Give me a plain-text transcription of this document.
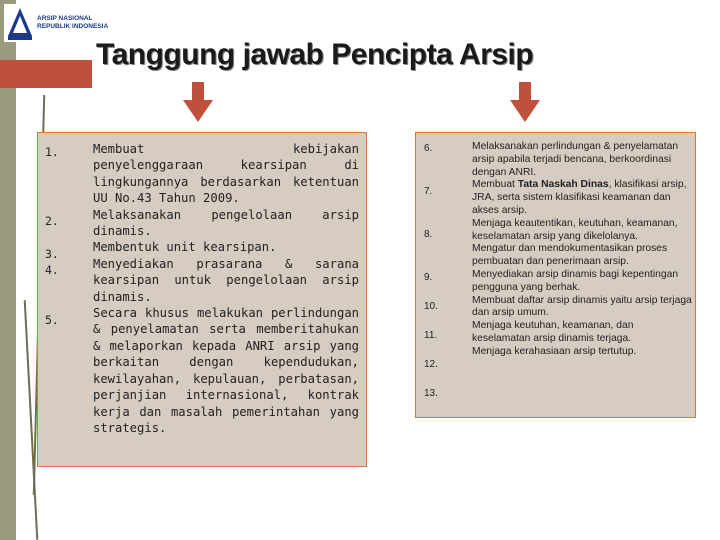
ARSIP NASIONAL
REPUBLIK INDONESIA
Tanggung jawab Pencipta Arsip
1.
2.
3.
4.
5.

Membuat kebijakan

penyelenggaraan kearsipan di lingkungannya berdasarkan ketentuan UU No.43 Tahun 2009.

Melaksanakan pengelolaan arsip dinamis.

Membentuk unit kearsipan.

Menyediakan prasarana & sarana kearsipan untuk pengelolaan arsip dinamis.

Secara khusus melakukan perlindungan & penyelamatan serta memberitahukan & melaporkan kepada ANRI arsip yang berkaitan dengan kependudukan, kewilayahan, kepulauan, perbatasan, perjanjian internasional, kontrak kerja dan masalah pemerintahan yang strategis.

6.
7.
8.
9.
10.
11.
12.
13.

Melaksanakan perlindungan & penyelamatan arsip apabila terjadi bencana, berkoordinasi dengan ANRI.

Membuat Tata Naskah Dinas, klasifikasi arsip, JRA, serta sistem klasifikasi keamanan dan akses arsip.

Menjaga keautentikan, keutuhan, keamanan, keselamatan arsip yang dikelolanya.

Mengatur dan mendokumentasikan proses pembuatan dan penerimaan arsip.

Menyediakan arsip dinamis bagi kepentingan pengguna yang berhak.

Membuat daftar arsip dinamis yaitu arsip terjaga dan arsip umum.

Menjaga keutuhan, keamanan, dan keselamatan arsip dinamis terjaga.

Menjaga kerahasiaan arsip tertutup.
